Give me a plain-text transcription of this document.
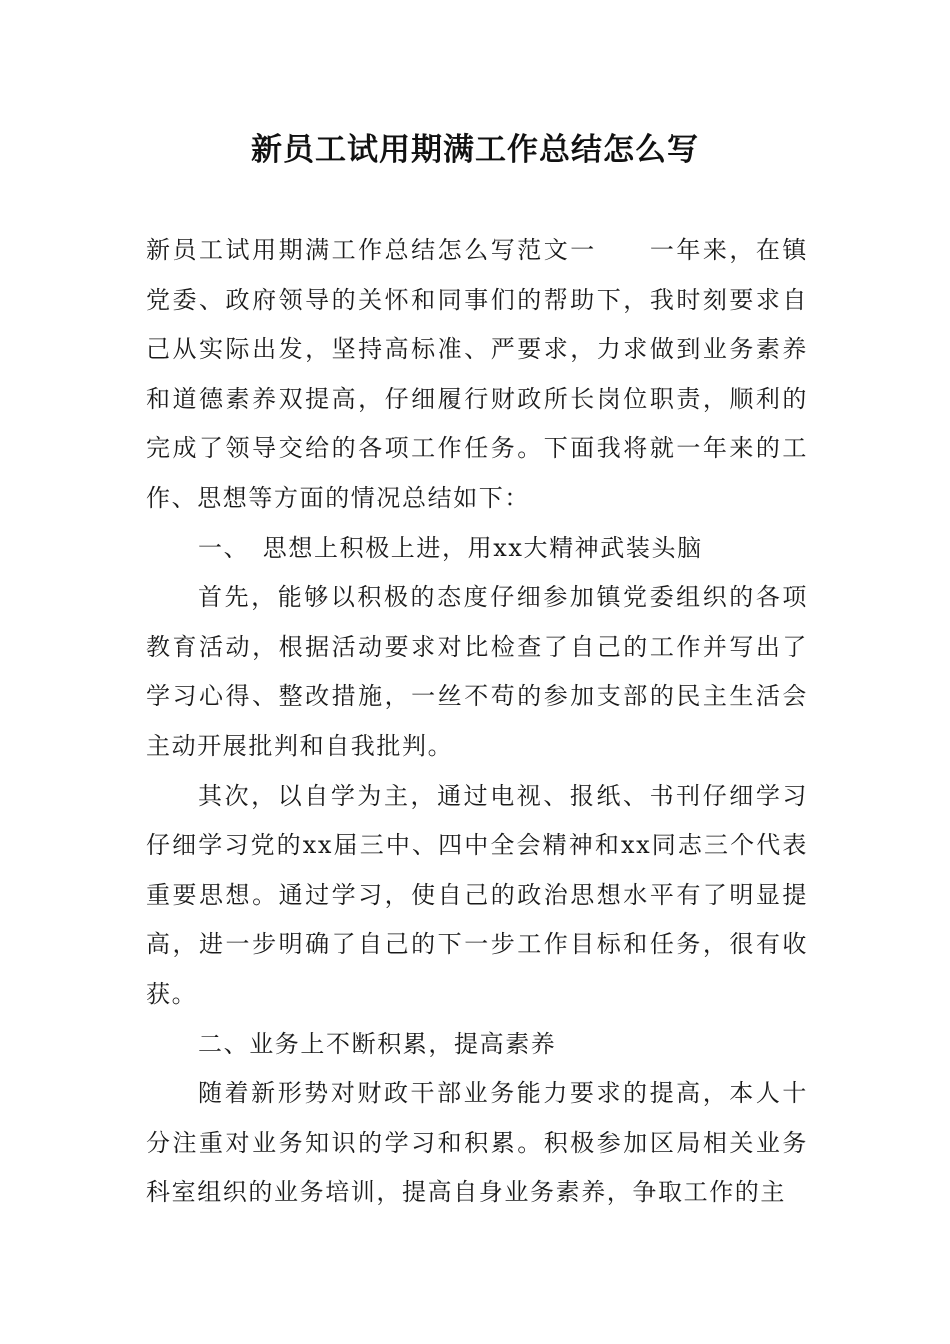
新员工试用期满工作总结怎么写

新员工试用期满工作总结怎么写范文一　　一年来，在镇党委、政府领导的关怀和同事们的帮助下，我时刻要求自己从实际出发，坚持高标准、严要求，力求做到业务素养和道德素养双提高，仔细履行财政所长岗位职责，顺利的完成了领导交给的各项工作任务。下面我将就一年来的工作、思想等方面的情况总结如下：

一、 思想上积极上进，用xx大精神武装头脑

首先，能够以积极的态度仔细参加镇党委组织的各项教育活动，根据活动要求对比检查了自己的工作并写出了学习心得、整改措施，一丝不苟的参加支部的民主生活会主动开展批判和自我批判。

其次，以自学为主，通过电视、报纸、书刊仔细学习仔细学习党的xx届三中、四中全会精神和xx同志三个代表重要思想。通过学习，使自己的政治思想水平有了明显提高，进一步明确了自己的下一步工作目标和任务，很有收获。

二、业务上不断积累，提高素养

随着新形势对财政干部业务能力要求的提高，本人十分注重对业务知识的学习和积累。积极参加区局相关业务科室组织的业务培训，提高自身业务素养，争取工作的主
